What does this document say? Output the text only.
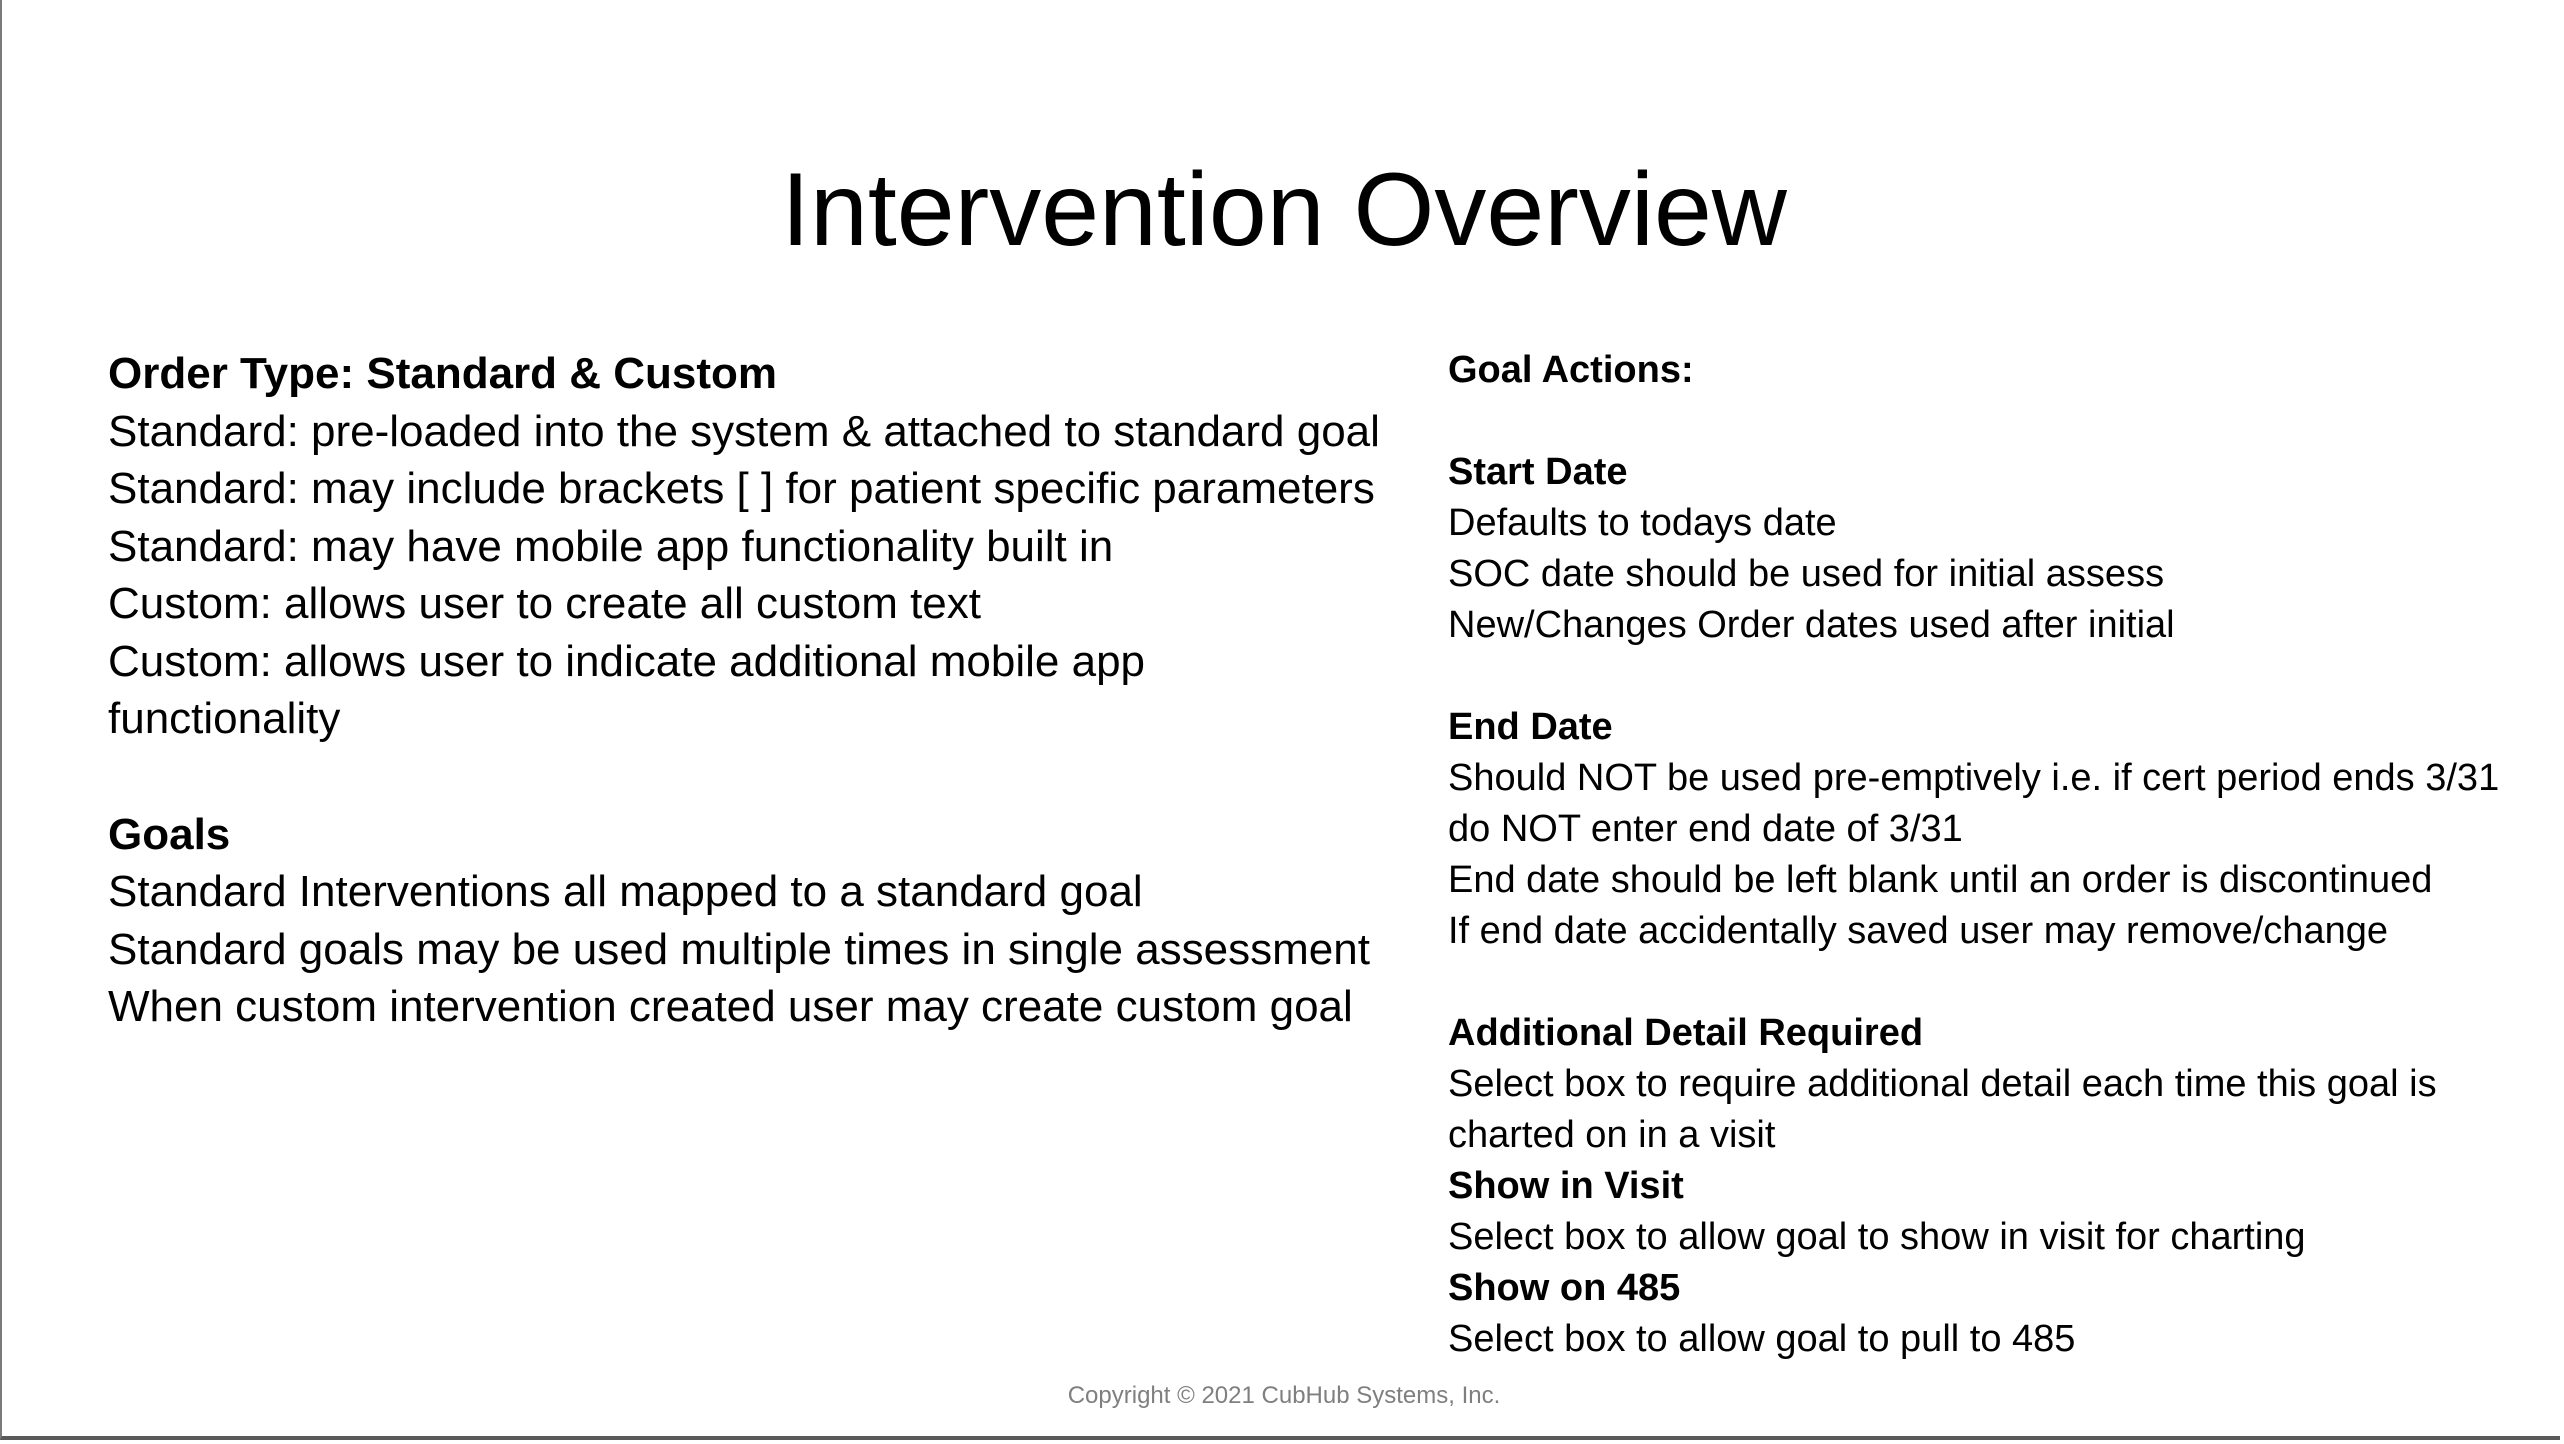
Intervention Overview
Order Type: Standard & Custom
Standard: pre-loaded into the system & attached to standard goal
Standard: may include brackets [ ] for patient specific parameters
Standard: may have mobile app functionality built in
Custom: allows user to create all custom text
Custom: allows user to indicate additional mobile app
functionality
Goals
Standard Interventions all mapped to a standard goal
Standard goals may be used multiple times in single assessment
When custom intervention created user may create custom goal
Goal Actions:
Start Date
Defaults to todays date
SOC date should be used for initial assess
New/Changes Order dates used after initial
End Date
Should NOT be used pre-emptively i.e. if cert period ends 3/31
do NOT enter end date of 3/31
End date should be left blank until an order is discontinued
If end date accidentally saved user may remove/change
Additional Detail Required
Select box to require additional detail each time this goal is
charted on in a visit
Show in Visit
Select box to allow goal to show in visit for charting
Show on 485
Select box to allow goal to pull to 485
Copyright © 2021 CubHub Systems, Inc.
